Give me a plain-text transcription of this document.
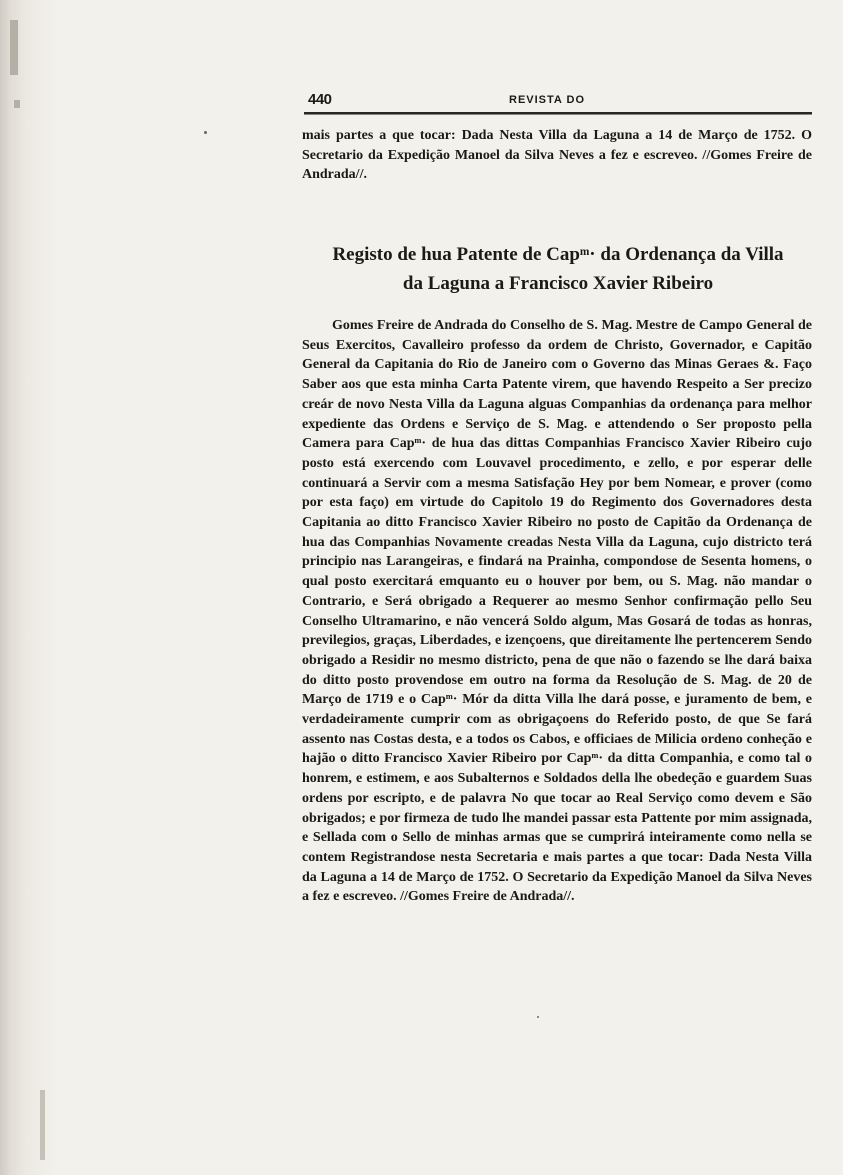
440	REVISTA DO

mais partes a que tocar: Dada Nesta Villa da Laguna a 14 de Março de 1752. O Secretario da Expedição Manoel da Silva Neves a fez e escreveo. //Gomes Freire de Andrada//.

Registo de hua Patente de Capᵐ· da Ordenança da Villa
da Laguna a Francisco Xavier Ribeiro

Gomes Freire de Andrada do Conselho de S. Mag. Mestre de Campo General de Seus Exercitos, Cavalleiro professo da ordem de Christo, Governador, e Capitão General da Capitania do Rio de Janeiro com o Governo das Minas Geraes &. Faço Saber aos que esta minha Carta Patente virem, que havendo Respeito a Ser precizo creár de novo Nesta Villa da Laguna alguas Companhias da ordenança para melhor expediente das Ordens e Serviço de S. Mag. e attendendo o Ser proposto pella Camera para Capᵐ· de hua das dittas Companhias Francisco Xavier Ribeiro cujo posto está exercendo com Louvavel procedimento, e zello, e por esperar delle continuará a Servir com a mesma Satisfação Hey por bem Nomear, e prover (como por esta faço) em virtude do Capitolo 19 do Regimento dos Governadores desta Capitania ao ditto Francisco Xavier Ribeiro no posto de Capitão da Ordenança de hua das Companhias Novamente creadas Nesta Villa da Laguna, cujo districto terá principio nas Larangeiras, e findará na Prainha, compondose de Sesenta homens, o qual posto exercitará emquanto eu o houver por bem, ou S. Mag. não mandar o Contrario, e Será obrigado a Requerer ao mesmo Senhor confirmação pello Seu Conselho Ultramarino, e não vencerá Soldo algum, Mas Gosará de todas as honras, previlegios, graças, Liberdades, e izençoens, que direitamente lhe pertencerem Sendo obrigado a Residir no mesmo districto, pena de que não o fazendo se lhe dará baixa do ditto posto provendose em outro na forma da Resolução de S. Mag. de 20 de Março de 1719 e o Capᵐ· Mór da ditta Villa lhe dará posse, e juramento de bem, e verdadeiramente cumprir com as obrigaçoens do Referido posto, de que Se fará assento nas Costas desta, e a todos os Cabos, e officiaes de Milicia ordeno conheção e hajão o ditto Francisco Xavier Ribeiro por Capᵐ· da ditta Companhia, e como tal o honrem, e estimem, e aos Subalternos e Soldados della lhe obedeção e guardem Suas ordens por escripto, e de palavra No que tocar ao Real Serviço como devem e São obrigados; e por firmeza de tudo lhe mandei passar esta Pattente por mim assignada, e Sellada com o Sello de minhas armas que se cumprirá inteiramente como nella se contem Registrandose nesta Secretaria e mais partes a que tocar: Dada Nesta Villa da Laguna a 14 de Março de 1752. O Secretario da Expedição Manoel da Silva Neves a fez e escreveo. //Gomes Freire de Andrada//.
